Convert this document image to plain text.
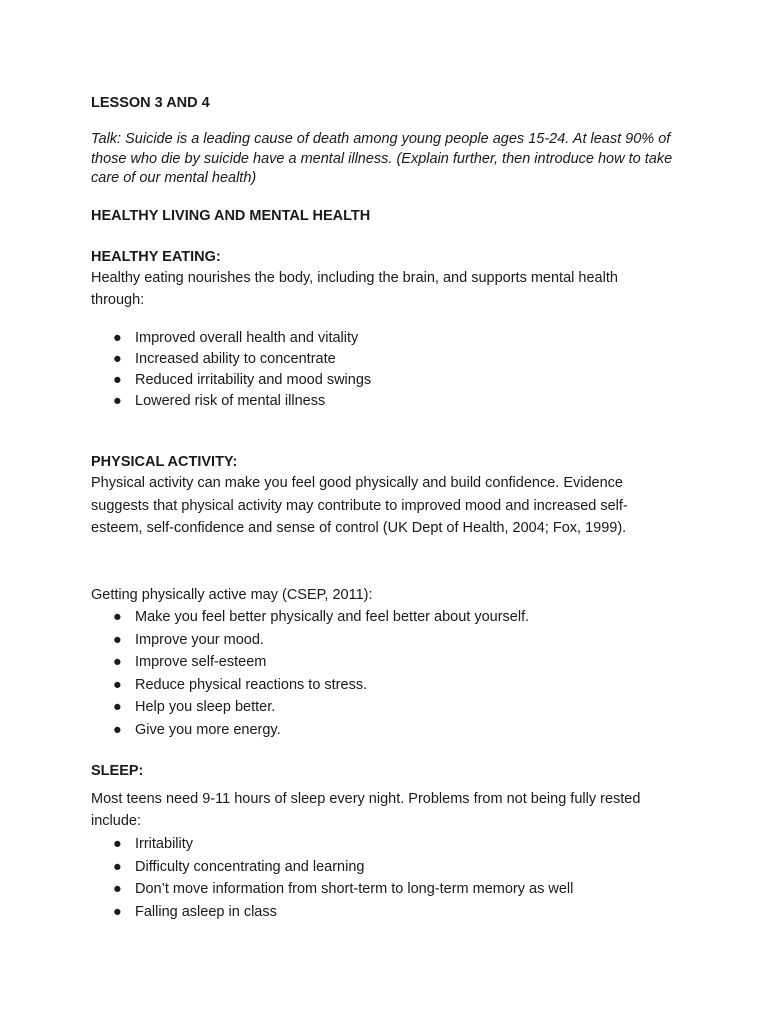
LESSON 3 AND 4
Talk: Suicide is a leading cause of death among young people ages 15-24. At least 90% of those who die by suicide have a mental illness. (Explain further, then introduce how to take care of our mental health)
HEALTHY LIVING AND MENTAL HEALTH
HEALTHY EATING:
Healthy eating nourishes the body, including the brain, and supports mental health through:
● Improved overall health and vitality
● Increased ability to concentrate
● Reduced irritability and mood swings
● Lowered risk of mental illness
PHYSICAL ACTIVITY:
Physical activity can make you feel good physically and build confidence. Evidence suggests that physical activity may contribute to improved mood and increased self-esteem, self-confidence and sense of control (UK Dept of Health, 2004; Fox, 1999).
Getting physically active may (CSEP, 2011):
● Make you feel better physically and feel better about yourself.
● Improve your mood.
● Improve self-esteem
● Reduce physical reactions to stress.
● Help you sleep better.
● Give you more energy.
SLEEP:
Most teens need 9-11 hours of sleep every night. Problems from not being fully rested include:
● Irritability
● Difficulty concentrating and learning
● Don’t move information from short-term to long-term memory as well
● Falling asleep in class
